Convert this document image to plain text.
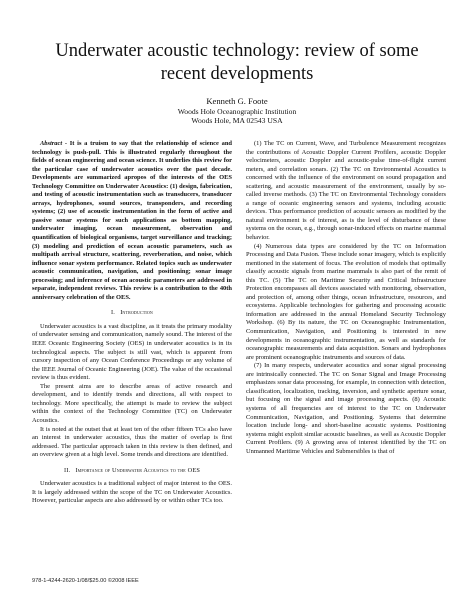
Underwater acoustic technology: review of some
recent developments
Kenneth G. Foote
Woods Hole Oceanographic Institution
Woods Hole, MA 02543 USA

Abstract - It is a truism to say that the relationship of science and technology is push-pull. This is illustrated regularly throughout the fields of ocean engineering and ocean science. It underlies this review for the particular case of underwater acoustics over the past decade. Developments are summarized apropos of the interests of the OES Technology Committee on Underwater Acoustics: (1) design, fabrication, and testing of acoustic instrumentation such as transducers, transducer arrays, hydrophones, sound sources, transponders, and recording systems; (2) use of acoustic instrumentation in the form of active and passive sonar systems for such applications as bottom mapping, underwater imaging, ocean measurement, observation and quantification of biological organisms, target surveillance and tracking; (3) modeling and prediction of ocean acoustic parameters, such as multipath arrival structure, scattering, reverberation, and noise, which influence sonar system performance. Related topics such as underwater acoustic communication, navigation, and positioning; sonar image processing; and inference of ocean acoustic parameters are addressed in separate, independent reviews. This review is a contribution to the 40th anniversary celebration of the OES.

I. Introduction

Underwater acoustics is a vast discipline, as it treats the primary modality of underwater sensing and communication, namely sound. The interest of the IEEE Oceanic Engineering Society (OES) in underwater acoustics is in its technological aspects. The subject is still vast, which is apparent from cursory inspection of any Ocean Conference Proceedings or any volume of the IEEE Journal of Oceanic Engineering (JOE). The value of the occasional review is thus evident.

The present aims are to describe areas of active research and development, and to identify trends and directions, all with respect to technology. More specifically, the attempt is made to review the subject within the context of the Technology Committee (TC) on Underwater Acoustics.

It is noted at the outset that at least ten of the other fifteen TCs also have an interest in underwater acoustics, thus the matter of overlap is first addressed. The particular approach taken in this review is then defined, and an overview given at a high level. Some trends and directions are identified.

II. Importance of Underwater Acoustics to the OES

Underwater acoustics is a traditional subject of major interest to the OES. It is largely addressed within the scope of the TC on Underwater Acoustics. However, particular aspects are also addressed by or within other TCs too.

(1) The TC on Current, Wave, and Turbulence Measurement recognizes the contributions of Acoustic Doppler Current Profilers, acoustic Doppler velocimeters, acoustic Doppler and acoustic-pulse time-of-flight current meters, and correlation sonars. (2) The TC on Environmental Acoustics is concerned with the influence of the environment on sound propagation and scattering, and acoustic measurement of the environment, usually by so-called inverse methods. (3) The TC on Environmental Technology considers a range of oceanic engineering sensors and systems, including acoustic devices. Thus performance prediction of acoustic sensors as modified by the natural environment is of interest, as is the level of disturbance of these systems on the ocean, e.g., through sonar-induced effects on marine mammal behavior.

(4) Numerous data types are considered by the TC on Information Processing and Data Fusion. These include sonar imagery, which is explicitly mentioned in the statement of focus. The evolution of models that optimally classify acoustic signals from marine mammals is also part of the remit of this TC. (5) The TC on Maritime Security and Critical Infrastructure Protection encompasses all devices associated with monitoring, observation, and protection of, among other things, ocean infrastructure, resources, and ecosystems. Applicable technologies for gathering and processing acoustic information are addressed in the annual Homeland Security Technology Workshop. (6) By its nature, the TC on Oceanographic Instrumentation, Communication, Navigation, and Positioning is interested in new developments in oceanographic instrumentation, as well as standards for oceanographic measurements and data acquisition. Sonars and hydrophones are prominent oceanographic instruments and sources of data.

(7) In many respects, underwater acoustics and sonar signal processing are intrinsically connected. The TC on Sonar Signal and Image Processing emphasizes sonar data processing, for example, in connection with detection, classification, localization, tracking, inversion, and synthetic aperture sonar, but focusing on the signal and image processing aspects. (8) Acoustic systems of all frequencies are of interest to the TC on Underwater Communication, Navigation, and Positioning. Systems that determine location include long- and short-baseline acoustic systems. Positioning systems might exploit similar acoustic baselines, as well as Acoustic Doppler Current Profilers. (9) A growing area of interest identified by the TC on Unmanned Maritime Vehicles and Submersibles is that of

978-1-4244-2620-1/08/$25.00 ©2008 IEEE
